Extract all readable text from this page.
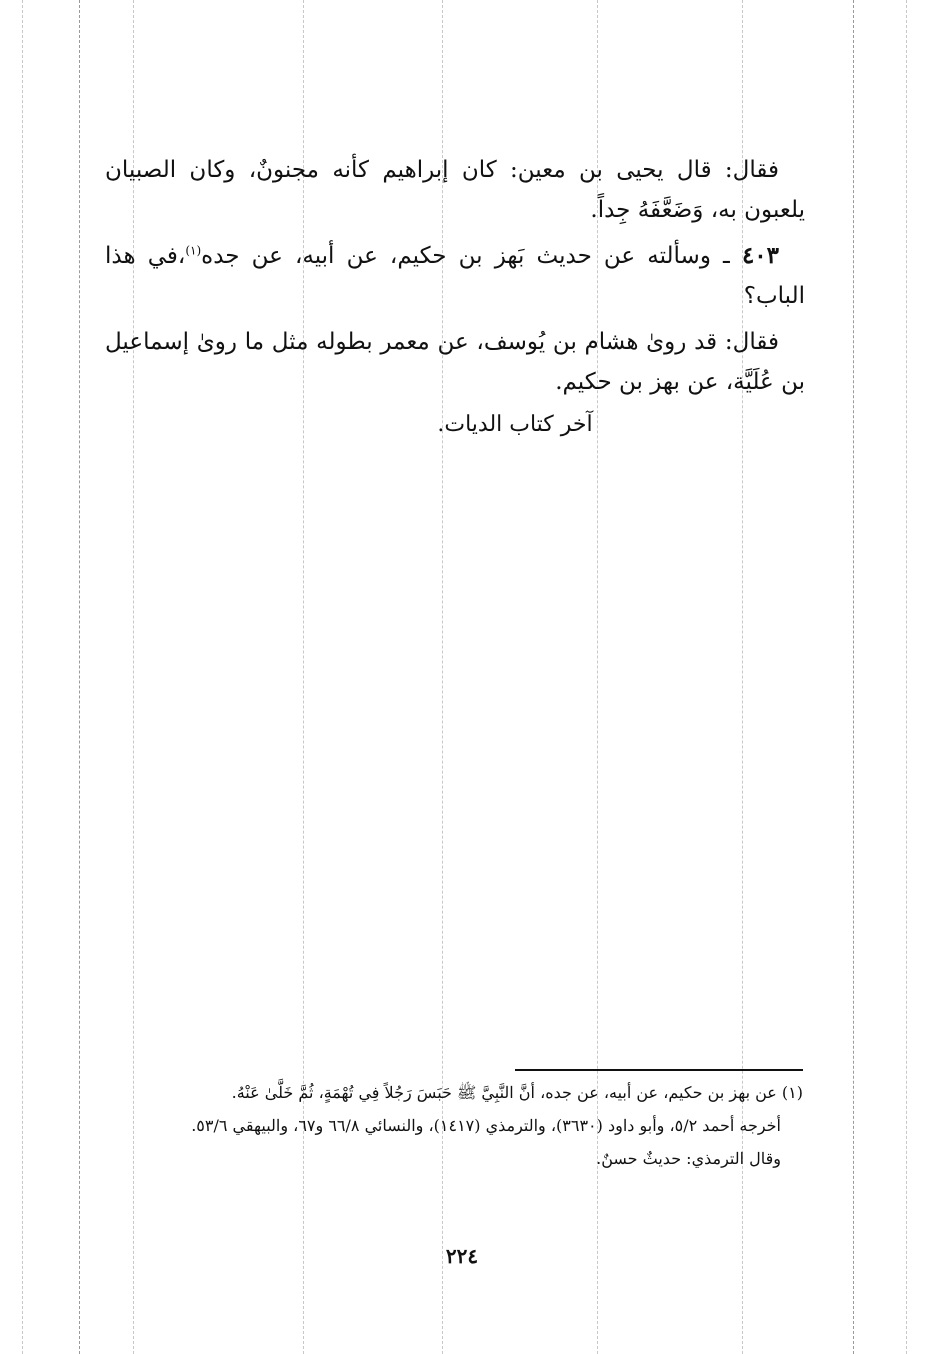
فقال: قال يحيى بن معين: كان إبراهيم كأنه مجنونٌ، وكان الصبيان يلعبون به، وَضَعَّفَهُ جِداً.

٤٠٣ ـ وسألته عن حديث بَهز بن حكيم، عن أبيه، عن جده$^{(١)}$،في هذا الباب؟

فقال: قد روىٰ هشام بن يُوسف، عن معمر بطوله مثل ما روىٰ إسماعيل بن عُلَيَّة، عن بهز بن حكيم.

آخر كتاب الديات.

(١) عن بهز بن حكيم، عن أبيه، عن جده، أنَّ النَّبِيَّ ﷺ حَبَسَ رَجُلاً فِي تُهْمَةٍ، ثُمَّ خَلَّىٰ عَنْهُ.

أخرجه أحمد ٥/٢، وأبو داود (٣٦٣٠)، والترمذي (١٤١٧)، والنسائي ٦٦/٨ و٦٧، والبيهقي ٥٣/٦.

وقال الترمذي: حديثٌ حسنٌ.

٢٢٤
